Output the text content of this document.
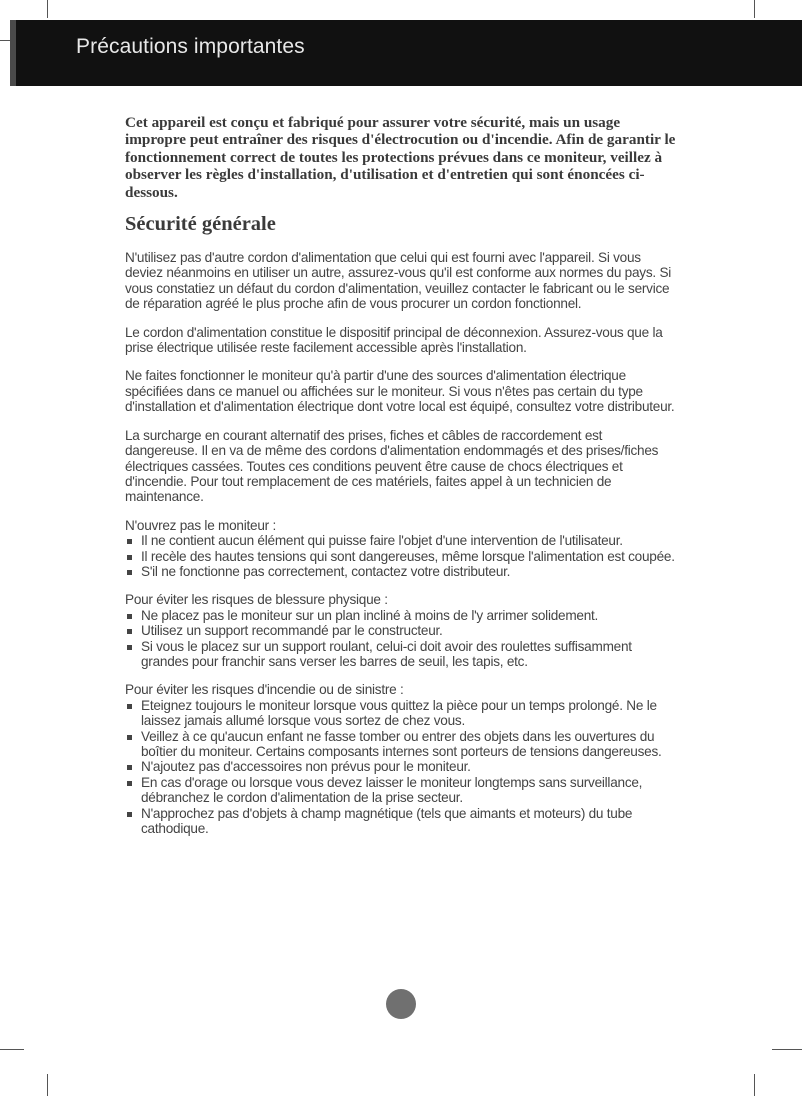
Précautions importantes

Cet appareil est conçu et fabriqué pour assurer votre sécurité, mais un usage impropre peut entraîner des risques d'électrocution ou d'incendie. Afin de garantir le fonctionnement correct de toutes les protections prévues dans ce moniteur, veillez à observer les règles d'installation, d'utilisation et d'entretien qui sont énoncées ci-dessous.

Sécurité générale

N'utilisez pas d'autre cordon d'alimentation que celui qui est fourni avec l'appareil. Si vous deviez néanmoins en utiliser un autre, assurez-vous qu'il est conforme aux normes du pays. Si vous constatiez un défaut du cordon d'alimentation, veuillez contacter le fabricant ou le service de réparation agréé le plus proche afin de vous procurer un cordon fonctionnel.

Le cordon d'alimentation constitue le dispositif principal de déconnexion. Assurez-vous que la prise électrique utilisée reste facilement accessible après l'installation.

Ne faites fonctionner le moniteur qu'à partir d'une des sources d'alimentation électrique spécifiées dans ce manuel ou affichées sur le moniteur. Si vous n'êtes pas certain du type d'installation et d'alimentation électrique dont votre local est équipé, consultez votre distributeur.

La surcharge en courant alternatif des prises, fiches et câbles de raccordement est dangereuse. Il en va de même des cordons d'alimentation endommagés et des prises/fiches électriques cassées. Toutes ces conditions peuvent être cause de chocs électriques et d'incendie. Pour tout remplacement de ces matériels, faites appel à un technicien de maintenance.

N'ouvrez pas le moniteur :

Il ne contient aucun élément qui puisse faire l'objet d'une intervention de l'utilisateur.
Il recèle des hautes tensions qui sont dangereuses, même lorsque l'alimentation est coupée.
S'il ne fonctionne pas correctement, contactez votre distributeur.

Pour éviter les risques de blessure physique :

Ne placez pas le moniteur sur un plan incliné à moins de l'y arrimer solidement.
Utilisez un support recommandé par le constructeur.
Si vous le placez sur un support roulant, celui-ci doit avoir des roulettes suffisamment grandes pour franchir sans verser les barres de seuil, les tapis, etc.

Pour éviter les risques d'incendie ou de sinistre :

Eteignez toujours le moniteur lorsque vous quittez la pièce pour un temps prolongé. Ne le laissez jamais allumé lorsque vous sortez de chez vous.
Veillez à ce qu'aucun enfant ne fasse tomber ou entrer des objets dans les ouvertures du boîtier du moniteur. Certains composants internes sont porteurs de tensions dangereuses.
N'ajoutez pas d'accessoires non prévus pour le moniteur.
En cas d'orage ou lorsque vous devez laisser le moniteur longtemps sans surveillance, débranchez le cordon d'alimentation de la prise secteur.
N'approchez pas d'objets à champ magnétique (tels que aimants et moteurs) du tube cathodique.
